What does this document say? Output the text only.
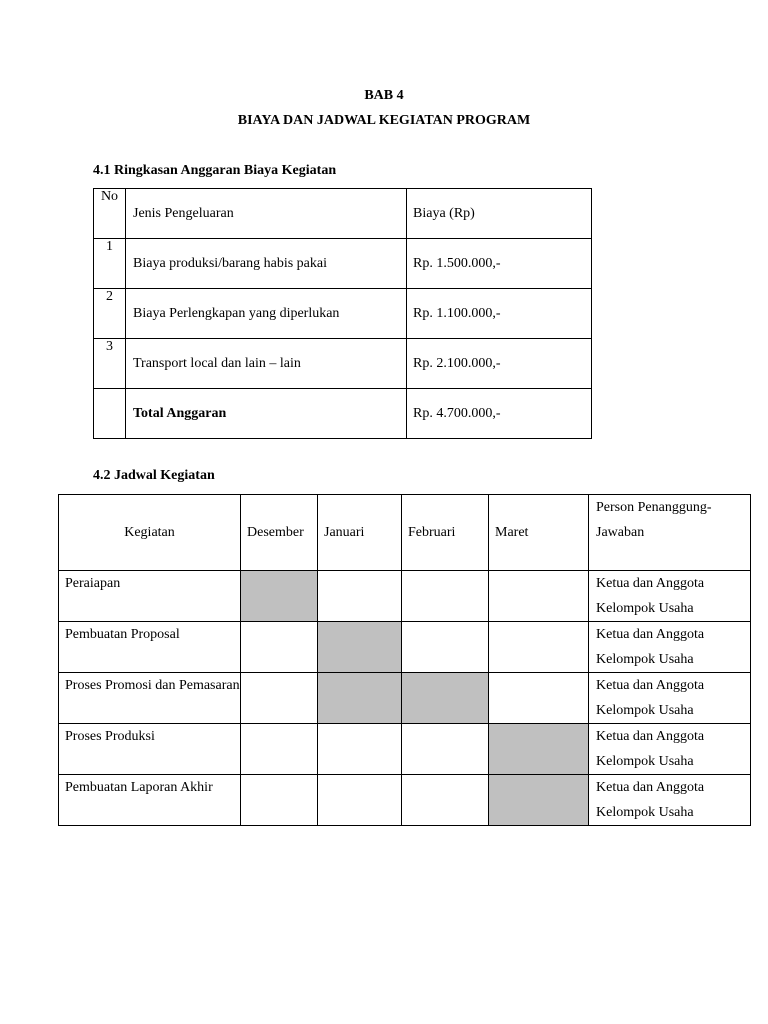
BAB 4
BIAYA DAN JADWAL KEGIATAN PROGRAM
4.1 Ringkasan Anggaran Biaya Kegiatan
No	Jenis Pengeluaran	Biaya (Rp)
1	Biaya produksi/barang habis pakai	Rp. 1.500.000,-
2	Biaya Perlengkapan yang diperlukan	Rp. 1.100.000,-
3	Transport local dan lain – lain	Rp. 2.100.000,-
	Total Anggaran	Rp. 4.700.000,-
4.2 Jadwal Kegiatan
Kegiatan	Desember	Januari	Februari	Maret	Person Penanggung-Jawaban
Peraiapan					Ketua dan Anggota Kelompok Usaha
Pembuatan Proposal					Ketua dan Anggota Kelompok Usaha
Proses Promosi dan Pemasaran					Ketua dan Anggota Kelompok Usaha
Proses Produksi					Ketua dan Anggota Kelompok Usaha
Pembuatan Laporan Akhir					Ketua dan Anggota Kelompok Usaha
